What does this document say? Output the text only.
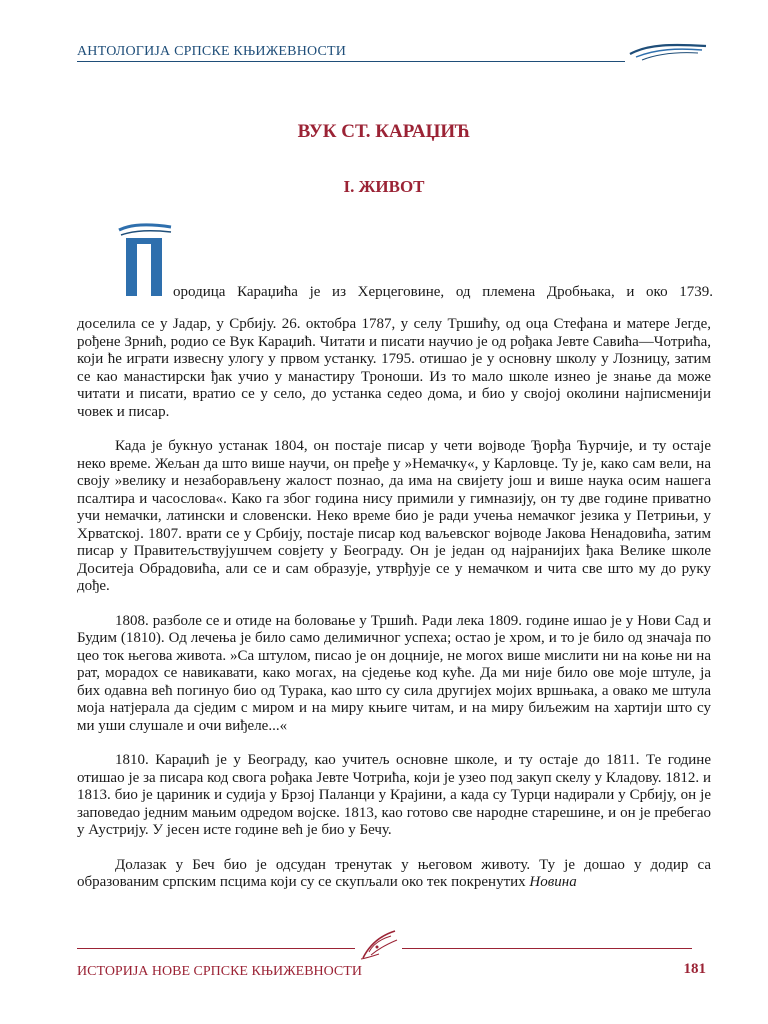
АНТОЛОГИЈА СРПСКЕ КЊИЖЕВНОСТИ
ВУК СТ. КАРАЏИЋ
I. ЖИВОТ
ородица Караџића је из Херцеговине, од племена Дробњака, и око 1739.

доселила се у Јадар, у Србију. 26. октобра 1787, у селу Тршићу, од оца Стефана и матере Јегде, рођене Зрнић, родио се Вук Караџић. Читати и писати научио је од рођака Јевте Савића—Чотрића, који ће играти извесну улогу у првом устанку. 1795. отишао је у основну школу у Лозницу, затим се као манастирски ђак учио у манастиру Троноши. Из то мало школе изнео је знање да може читати и писати, вратио се у село, до устанка седео дома, и био у својој околини најписменији човек и писар.

Када је букнуо устанак 1804, он постаје писар у чети војводе Ђорђа Ћурчије, и ту остаје неко време. Жељан да што више научи, он пређе у »Немачку«, у Карловце. Ту је, како сам вели, на своју »велику и незаборављену жалост познао, да има на свијету још и више наука осим нашега псалтира и часослова«. Како га због година нису примили у гимназију, он ту две године приватно учи немачки, латински и словенски. Неко време био је ради учења немачког језика у Петрињи, у Хрватској. 1807. врати се у Србију, постаје писар код ваљевског војводе Јакова Ненадовића, затим писар у Правитељствујушчем совјету у Београду. Он је један од најранијих ђака Велике школе Доситеја Обрадовића, али се и сам образује, утврђује се у немачком и чита све што му до руку дође.

1808. разболе се и отиде на боловање у Тршић. Ради лека 1809. године ишао је у Нови Сад и Будим (1810). Од лечења је било само делимичног успеха; остао је хром, и то је било од значаја по цео ток његова живота. »Са штулом, писао је он доцније, не могох више мислити ни на коње ни на рат, морадох се навикавати, како могах, на сједење код куће. Да ми није било ове моје штуле, ја бих одавна већ погинуо био од Турака, као што су сила другијех мојих вршњака, а овако ме штула моја натјерала да сједим с миром и на миру књиге читам, и на миру биљежим на хартији што су ми уши слушале и очи виђеле...«

1810. Караџић је у Београду, као учитељ основне школе, и ту остаје до 1811. Те године отишао је за писара код свога рођака Јевте Чотрића, који је узео под закуп скелу у Кладову. 1812. и 1813. био је цариник и судија у Брзој Паланци у Крајини, а када су Турци надирали у Србију, он је заповедао једним мањим одредом војске. 1813, као готово све народне старешине, и он је пребегао у Аустрију. У јесен исте године већ је био у Бечу.

Долазак у Беч био је одсудан тренутак у његовом животу. Ту је дошао у додир са образованим српским псцима који су се скупљали око тек покренутих Новина

ИСТОРИЈА НОВЕ СРПСКЕ КЊИЖЕВНОСТИ	181
